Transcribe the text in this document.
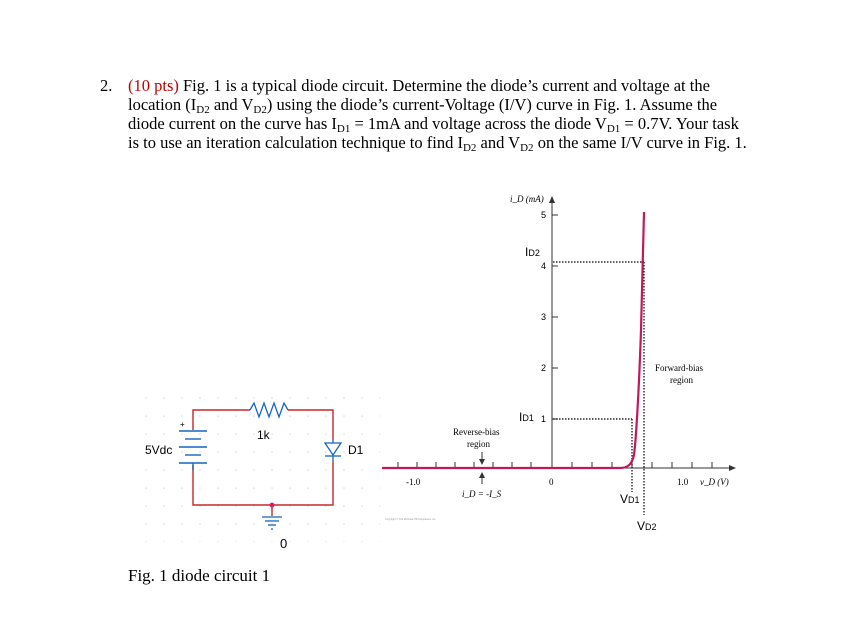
2. (10 pts) Fig. 1 is a typical diode circuit. Determine the diode’s current and voltage at the
location ($I_{D2}$ and $V_{D2}$) using the diode’s current-Voltage (I/V) curve in Fig. 1. Assume the
diode current on the curve has $I_{D1} = 1mA$ and voltage across the diode $V_{D1} = 0.7V$. Your task
is to use an iteration calculation technique to find $I_{D2}$ and $V_{D2}$ on the same I/V curve in Fig. 1.
1k
+
5Vdc	D1
0
5
4
3
2
1
-1.0	0	1.0
i_D (mA)
v_D (V)
ID2
ID1
VD1
VD2
Forward-bias
region
Reverse-bias
region
i_D = -I_S
Copyright © The McGraw-Hill Companies, Inc.
Fig. 1 diode circuit 1
